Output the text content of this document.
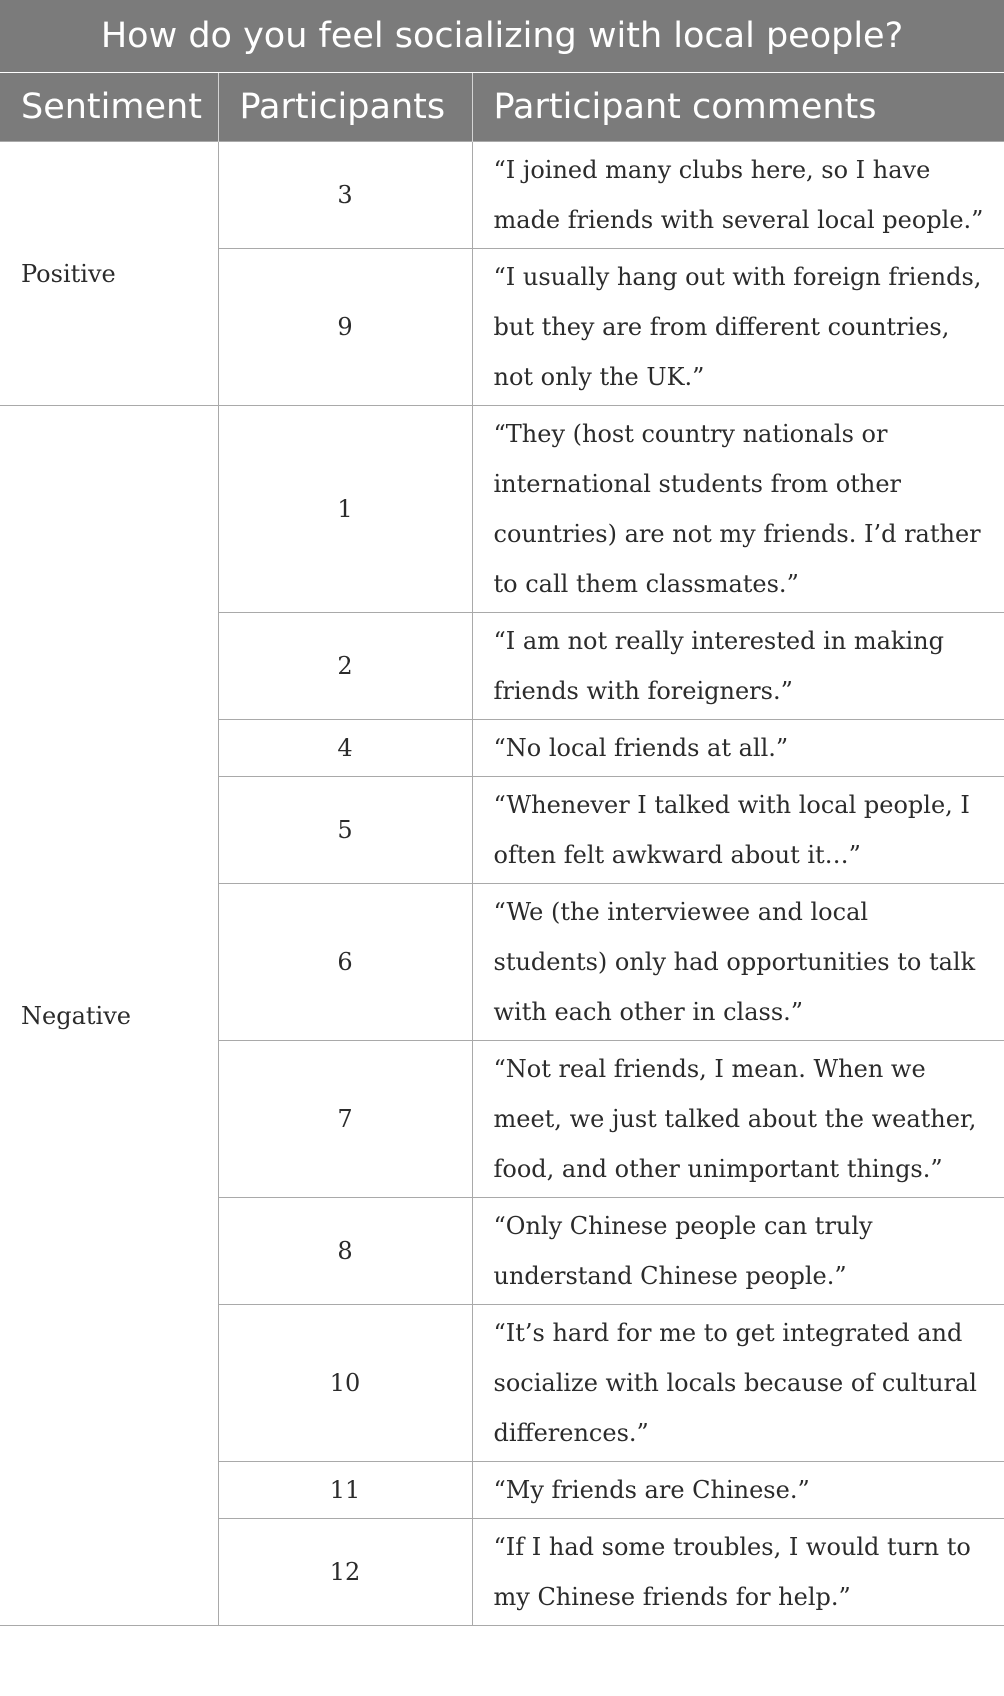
How do you feel socializing with local people?		
Sentiment	Participants	Participant comments
Positive	3	“I joined many clubs here, so I have made friends with several local people.”
	9	“I usually hang out with foreign friends, but they are from different countries, not only the UK.”
Negative	1	“They (host country nationals or international students from other countries) are not my friends. I’d rather to call them classmates.”
	2	“I am not really interested in making friends with foreigners.”
	4	“No local friends at all.”
	5	“Whenever I talked with local people, I often felt awkward about it…”
	6	“We (the interviewee and local students) only had opportunities to talk with each other in class.”
	7	“Not real friends, I mean. When we meet, we just talked about the weather, food, and other unimportant things.”
	8	“Only Chinese people can truly understand Chinese people.”
	10	“It’s hard for me to get integrated and socialize with locals because of cultural differences.”
	11	“My friends are Chinese.”
	12	“If I had some troubles, I would turn to my Chinese friends for help.”
